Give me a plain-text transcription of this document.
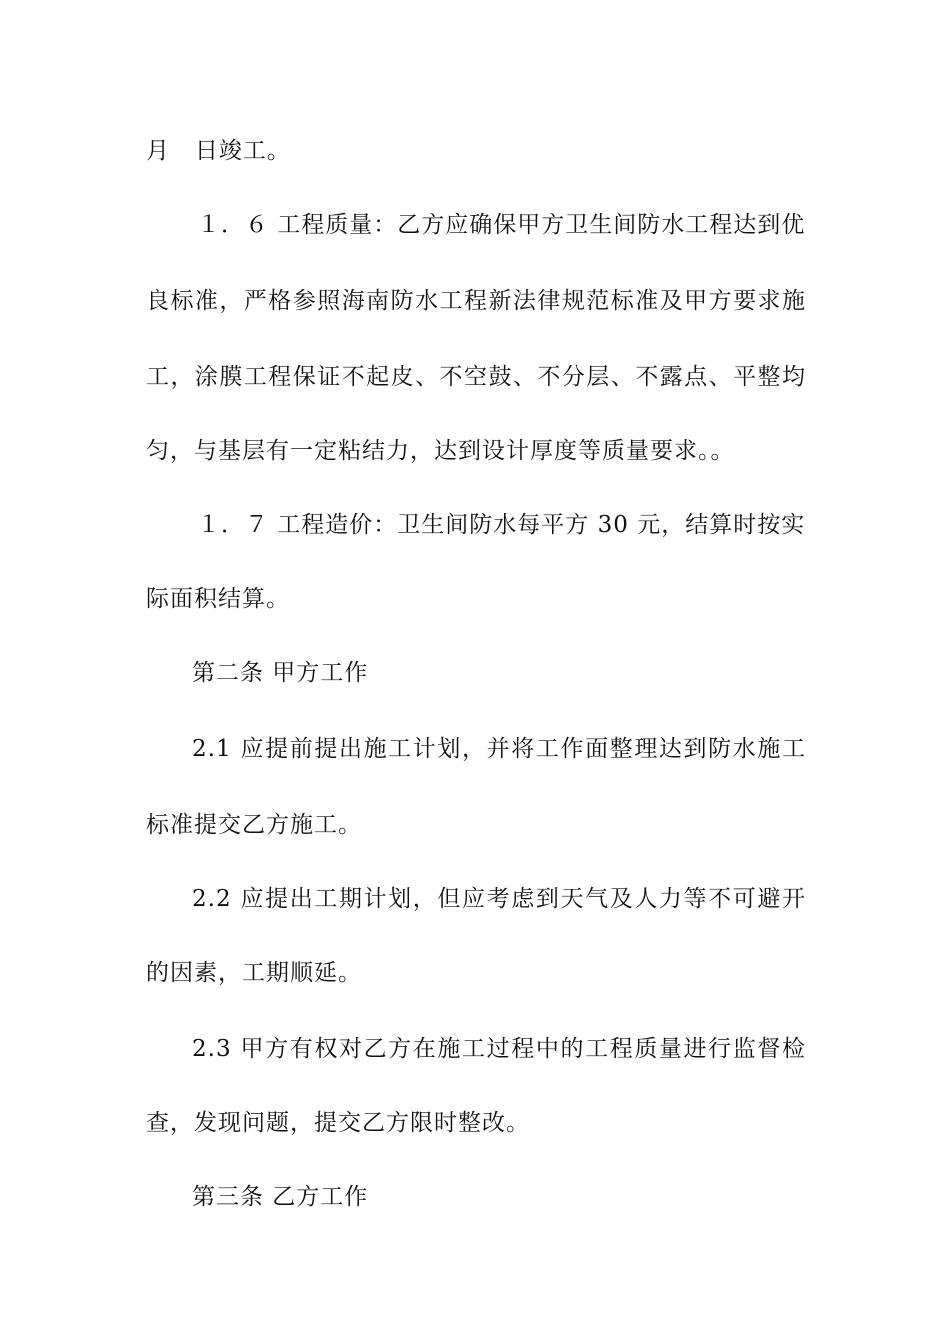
月   日竣工。
１．６ 工程质量：乙方应确保甲方卫生间防水工程达到优
良标准，严格参照海南防水工程新法律规范标准及甲方要求施
工，涂膜工程保证不起皮、不空鼓、不分层、不露点、平整均
匀，与基层有一定粘结力，达到设计厚度等质量要求。。
１．７ 工程造价：卫生间防水每平方 30 元，结算时按实
际面积结算。
第二条 甲方工作
2.1 应提前提出施工计划，并将工作面整理达到防水施工
标准提交乙方施工。
2.2 应提出工期计划，但应考虑到天气及人力等不可避开
的因素，工期顺延。
2.3 甲方有权对乙方在施工过程中的工程质量进行监督检
查，发现问题，提交乙方限时整改。
第三条 乙方工作
